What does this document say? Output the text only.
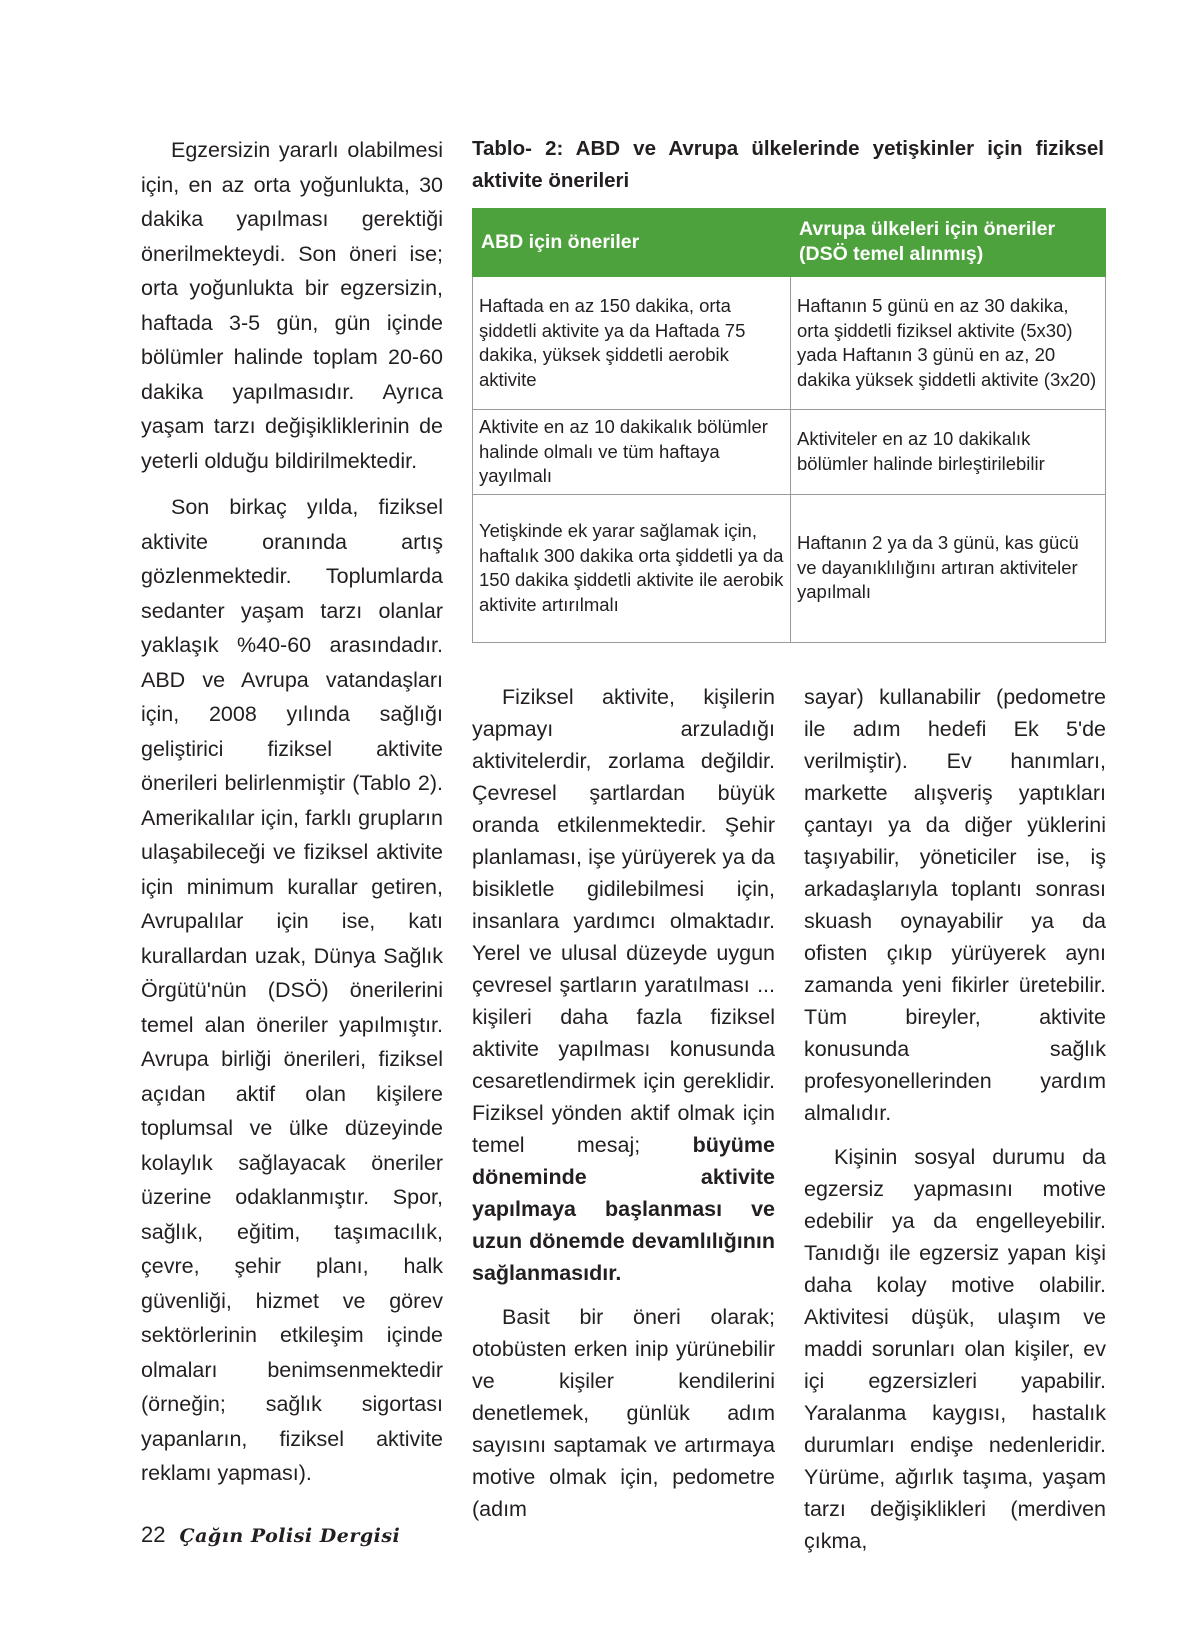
Egzersizin yararlı olabilmesi için, en az orta yoğunlukta, 30 dakika yapılması gerektiği önerilmekteydi. Son öneri ise; orta yoğunlukta bir egzersizin, haftada 3-5 gün, gün içinde bölümler halinde toplam 20-60 dakika yapılmasıdır. Ayrıca yaşam tarzı değişikliklerinin de yeterli olduğu bildirilmektedir.

Son birkaç yılda, fiziksel aktivite oranında artış gözlenmektedir. Toplumlarda sedanter yaşam tarzı olanlar yaklaşık %40-60 arasındadır. ABD ve Avrupa vatandaşları için, 2008 yılında sağlığı geliştirici fiziksel aktivite önerileri belirlenmiştir (Tablo 2). Amerikalılar için, farklı grupların ulaşabileceği ve fiziksel aktivite için minimum kurallar getiren, Avrupalılar için ise, katı kurallardan uzak, Dünya Sağlık Örgütü'nün (DSÖ) önerilerini temel alan öneriler yapılmıştır. Avrupa birliği önerileri, fiziksel açıdan aktif olan kişilere toplumsal ve ülke düzeyinde kolaylık sağlayacak öneriler üzerine odaklanmıştır. Spor, sağlık, eğitim, taşımacılık, çevre, şehir planı, halk güvenliği, hizmet ve görev sektörlerinin etkileşim içinde olmaları benimsenmektedir (örneğin; sağlık sigortası yapanların, fiziksel aktivite reklamı yapması).

Tablo- 2: ABD ve Avrupa ülkelerinde yetişkinler için fiziksel aktivite önerileri
ABD için öneriler	Avrupa ülkeleri için öneriler (DSÖ temel alınmış)
Haftada en az 150 dakika, orta şiddetli aktivite ya da Haftada 75 dakika, yüksek şiddetli aerobik aktivite	Haftanın 5 günü en az 30 dakika, orta şiddetli fiziksel aktivite (5x30) yada Haftanın 3 günü en az, 20 dakika yüksek şiddetli aktivite (3x20)
Aktivite en az 10 dakikalık bölümler halinde olmalı ve tüm haftaya yayılmalı	Aktiviteler en az 10 dakikalık bölümler halinde birleştirilebilir
Yetişkinde ek yarar sağlamak için, haftalık 300 dakika orta şiddetli ya da 150 dakika şiddetli aktivite ile aerobik aktivite artırılmalı	Haftanın 2 ya da 3 günü, kas gücü ve dayanıklılığını artıran aktiviteler yapılmalı

Fiziksel aktivite, kişilerin yapmayı arzuladığı aktivitelerdir, zorlama değildir. Çevresel şartlardan büyük oranda etkilenmektedir. Şehir planlaması, işe yürüyerek ya da bisikletle gidilebilmesi için, insanlara yardımcı olmaktadır. Yerel ve ulusal düzeyde uygun çevresel şartların yaratılması ... kişileri daha fazla fiziksel aktivite yapılması konusunda cesaretlendirmek için gereklidir. Fiziksel yönden aktif olmak için temel mesaj; büyüme döneminde aktivite yapılmaya başlanması ve uzun dönemde devamlılığının sağlanmasıdır.

Basit bir öneri olarak; otobüsten erken inip yürünebilir ve kişiler kendilerini denetlemek, günlük adım sayısını saptamak ve artırmaya motive olmak için, pedometre (adım

sayar) kullanabilir (pedometre ile adım hedefi Ek 5'de verilmiştir). Ev hanımları, markette alışveriş yaptıkları çantayı ya da diğer yüklerini taşıyabilir, yöneticiler ise, iş arkadaşlarıyla toplantı sonrası skuash oynayabilir ya da ofisten çıkıp yürüyerek aynı zamanda yeni fikirler üretebilir. Tüm bireyler, aktivite konusunda sağlık profesyonellerinden yardım almalıdır.

Kişinin sosyal durumu da egzersiz yapmasını motive edebilir ya da engelleyebilir. Tanıdığı ile egzersiz yapan kişi daha kolay motive olabilir. Aktivitesi düşük, ulaşım ve maddi sorunları olan kişiler, ev içi egzersizleri yapabilir. Yaralanma kaygısı, hastalık durumları endişe nedenleridir. Yürüme, ağırlık taşıma, yaşam tarzı değişiklikleri (merdiven çıkma,

22 Çağın Polisi Dergisi
